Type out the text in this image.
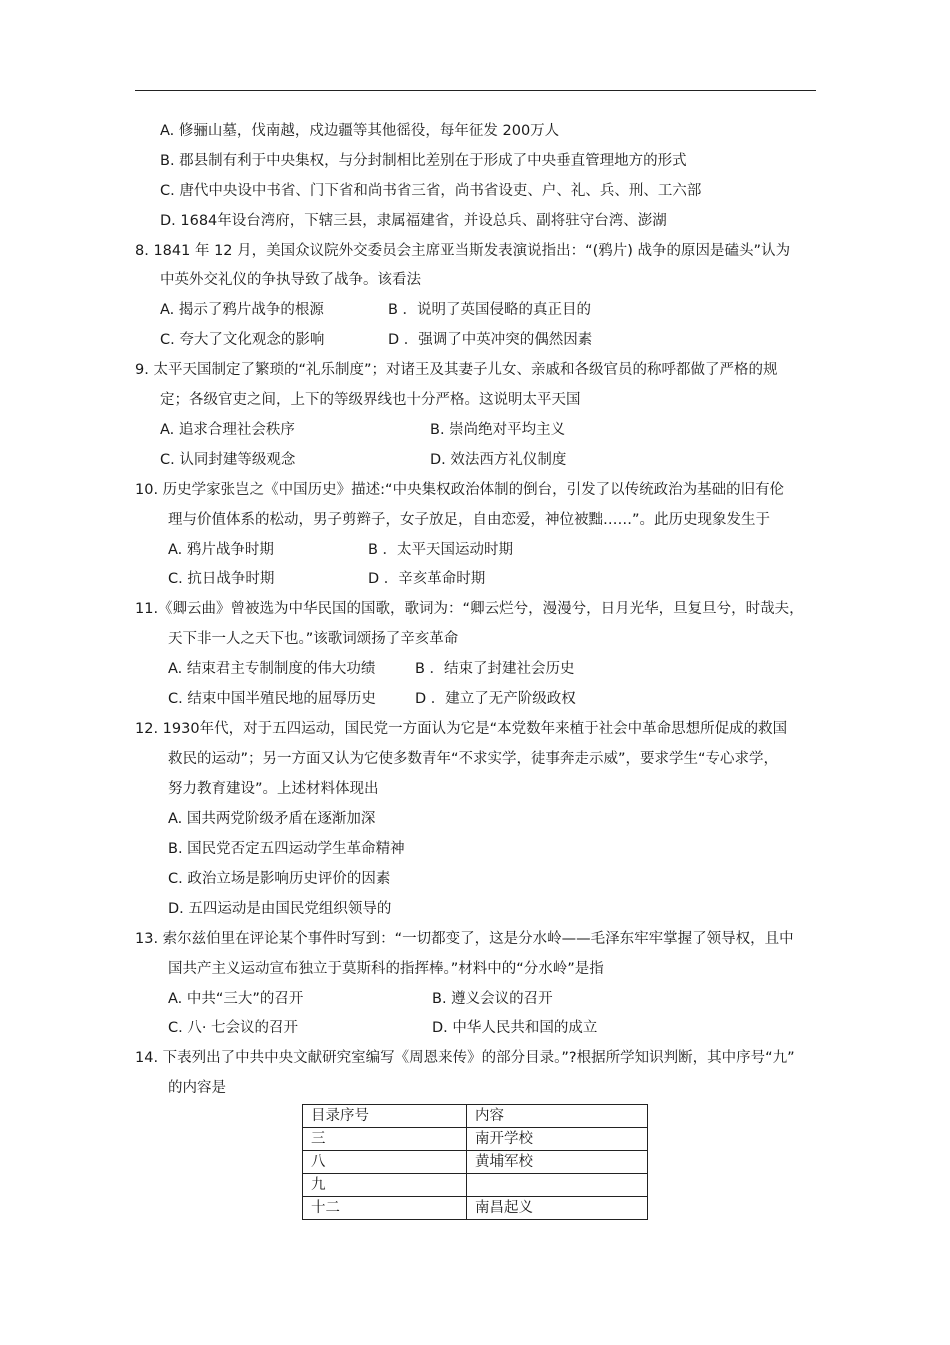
A. 修骊山墓，伐南越，戍边疆等其他徭役，每年征发 200万人
B. 郡县制有利于中央集权，与分封制相比差别在于形成了中央垂直管理地方的形式
C. 唐代中央设中书省、门下省和尚书省三省，尚书省设吏、户、礼、兵、刑、工六部
D. 1684年设台湾府，下辖三县，隶属福建省，并设总兵、副将驻守台湾、澎湖
8. 1841 年 12 月，美国众议院外交委员会主席亚当斯发表演说指出：“(鸦片) 战争的原因是磕头”认为
中英外交礼仪的争执导致了战争。该看法
A. 揭示了鸦片战争的根源	B ．说明了英国侵略的真正目的
C. 夸大了文化观念的影响	D ．强调了中英冲突的偶然因素
9. 太平天国制定了繁琐的“礼乐制度”；对诸王及其妻子儿女、亲戚和各级官员的称呼都做了严格的规
定；各级官吏之间，上下的等级界线也十分严格。这说明太平天国
A. 追求合理社会秩序	B. 崇尚绝对平均主义
C. 认同封建等级观念	D. 效法西方礼仪制度
10. 历史学家张岂之《中国历史》描述:“中央集权政治体制的倒台，引发了以传统政治为基础的旧有伦
理与价值体系的松动，男子剪辫子，女子放足，自由恋爱，神位被黜……”。此历史现象发生于
A. 鸦片战争时期	B ．太平天国运动时期
C. 抗日战争时期	D ．辛亥革命时期
11.《卿云曲》曾被选为中华民国的国歌，歌词为：“卿云烂兮，漫漫兮，日月光华，旦复旦兮，时哉夫，
天下非一人之天下也。”该歌词颂扬了辛亥革命
A. 结束君主专制制度的伟大功绩	B ．结束了封建社会历史
C. 结束中国半殖民地的屈辱历史	D ．建立了无产阶级政权
12. 1930年代，对于五四运动，国民党一方面认为它是“本党数年来植于社会中革命思想所促成的救国
救民的运动”；另一方面又认为它使多数青年“不求实学，徒事奔走示威”，要求学生“专心求学，
努力教育建设”。上述材料体现出
A. 国共两党阶级矛盾在逐渐加深
B. 国民党否定五四运动学生革命精神
C. 政治立场是影响历史评价的因素
D. 五四运动是由国民党组织领导的
13. 索尔兹伯里在评论某个事件时写到：“一切都变了，这是分水岭——毛泽东牢牢掌握了领导权，且中
国共产主义运动宣布独立于莫斯科的指挥棒。”材料中的“分水岭”是指
A. 中共“三大”的召开	B. 遵义会议的召开
C. 八· 七会议的召开	D. 中华人民共和国的成立
14. 下表列出了中共中央文献研究室编写《周恩来传》的部分目录。”?根据所学知识判断，其中序号“九”
的内容是
目录序号	内容
三	南开学校
八	黄埔军校
九	
十二	南昌起义
